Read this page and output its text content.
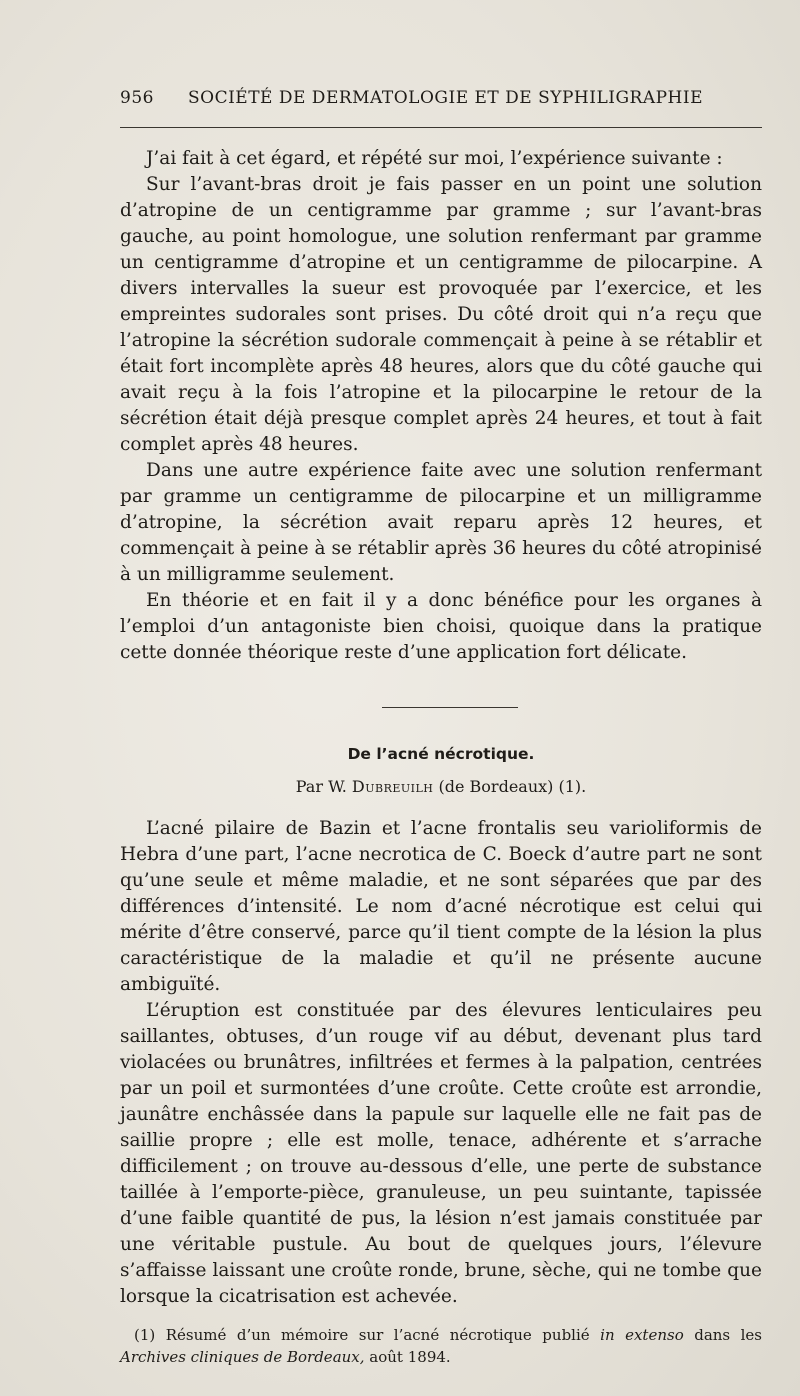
956 SOCIÉTÉ DE DERMATOLOGIE ET DE SYPHILIGRAPHIE

J’ai fait à cet égard, et répété sur moi, l’expérience suivante :

Sur l’avant-bras droit je fais passer en un point une solution d’atropine de un centigramme par gramme ; sur l’avant-bras gauche, au point homologue, une solution renfermant par gramme un centigramme d’atropine et un centigramme de pilocarpine. A divers intervalles la sueur est provoquée par l’exercice, et les empreintes sudorales sont prises. Du côté droit qui n’a reçu que l’atropine la sécrétion sudorale commençait à peine à se rétablir et était fort incomplète après 48 heures, alors que du côté gauche qui avait reçu à la fois l’atropine et la pilocarpine le retour de la sécrétion était déjà presque complet après 24 heures, et tout à fait complet après 48 heures.

Dans une autre expérience faite avec une solution renfermant par gramme un centigramme de pilocarpine et un milligramme d’atropine, la sécrétion avait reparu après 12 heures, et commençait à peine à se rétablir après 36 heures du côté atropinisé à un milligramme seulement.

En théorie et en fait il y a donc bénéfice pour les organes à l’emploi d’un antagoniste bien choisi, quoique dans la pratique cette donnée théorique reste d’une application fort délicate.

De l’acné nécrotique.
Par W. Dubreuilh (de Bordeaux) (1).

L’acné pilaire de Bazin et l’acne frontalis seu varioliformis de Hebra d’une part, l’acne necrotica de C. Boeck d’autre part ne sont qu’une seule et même maladie, et ne sont séparées que par des différences d’intensité. Le nom d’acné nécrotique est celui qui mérite d’être conservé, parce qu’il tient compte de la lésion la plus caractéristique de la maladie et qu’il ne présente aucune ambiguïté.

L’éruption est constituée par des élevures lenticulaires peu saillantes, obtuses, d’un rouge vif au début, devenant plus tard violacées ou brunâtres, infiltrées et fermes à la palpation, centrées par un poil et surmontées d’une croûte. Cette croûte est arrondie, jaunâtre enchâssée dans la papule sur laquelle elle ne fait pas de saillie propre ; elle est molle, tenace, adhérente et s’arrache difficilement ; on trouve au-dessous d’elle, une perte de substance taillée à l’emporte-pièce, granuleuse, un peu suintante, tapissée d’une faible quantité de pus, la lésion n’est jamais constituée par une véritable pustule. Au bout de quelques jours, l’élevure s’affaisse laissant une croûte ronde, brune, sèche, qui ne tombe que lorsque la cicatrisation est achevée.

(1) Résumé d’un mémoire sur l’acné nécrotique publié in extenso dans les Archives cliniques de Bordeaux, août 1894.
